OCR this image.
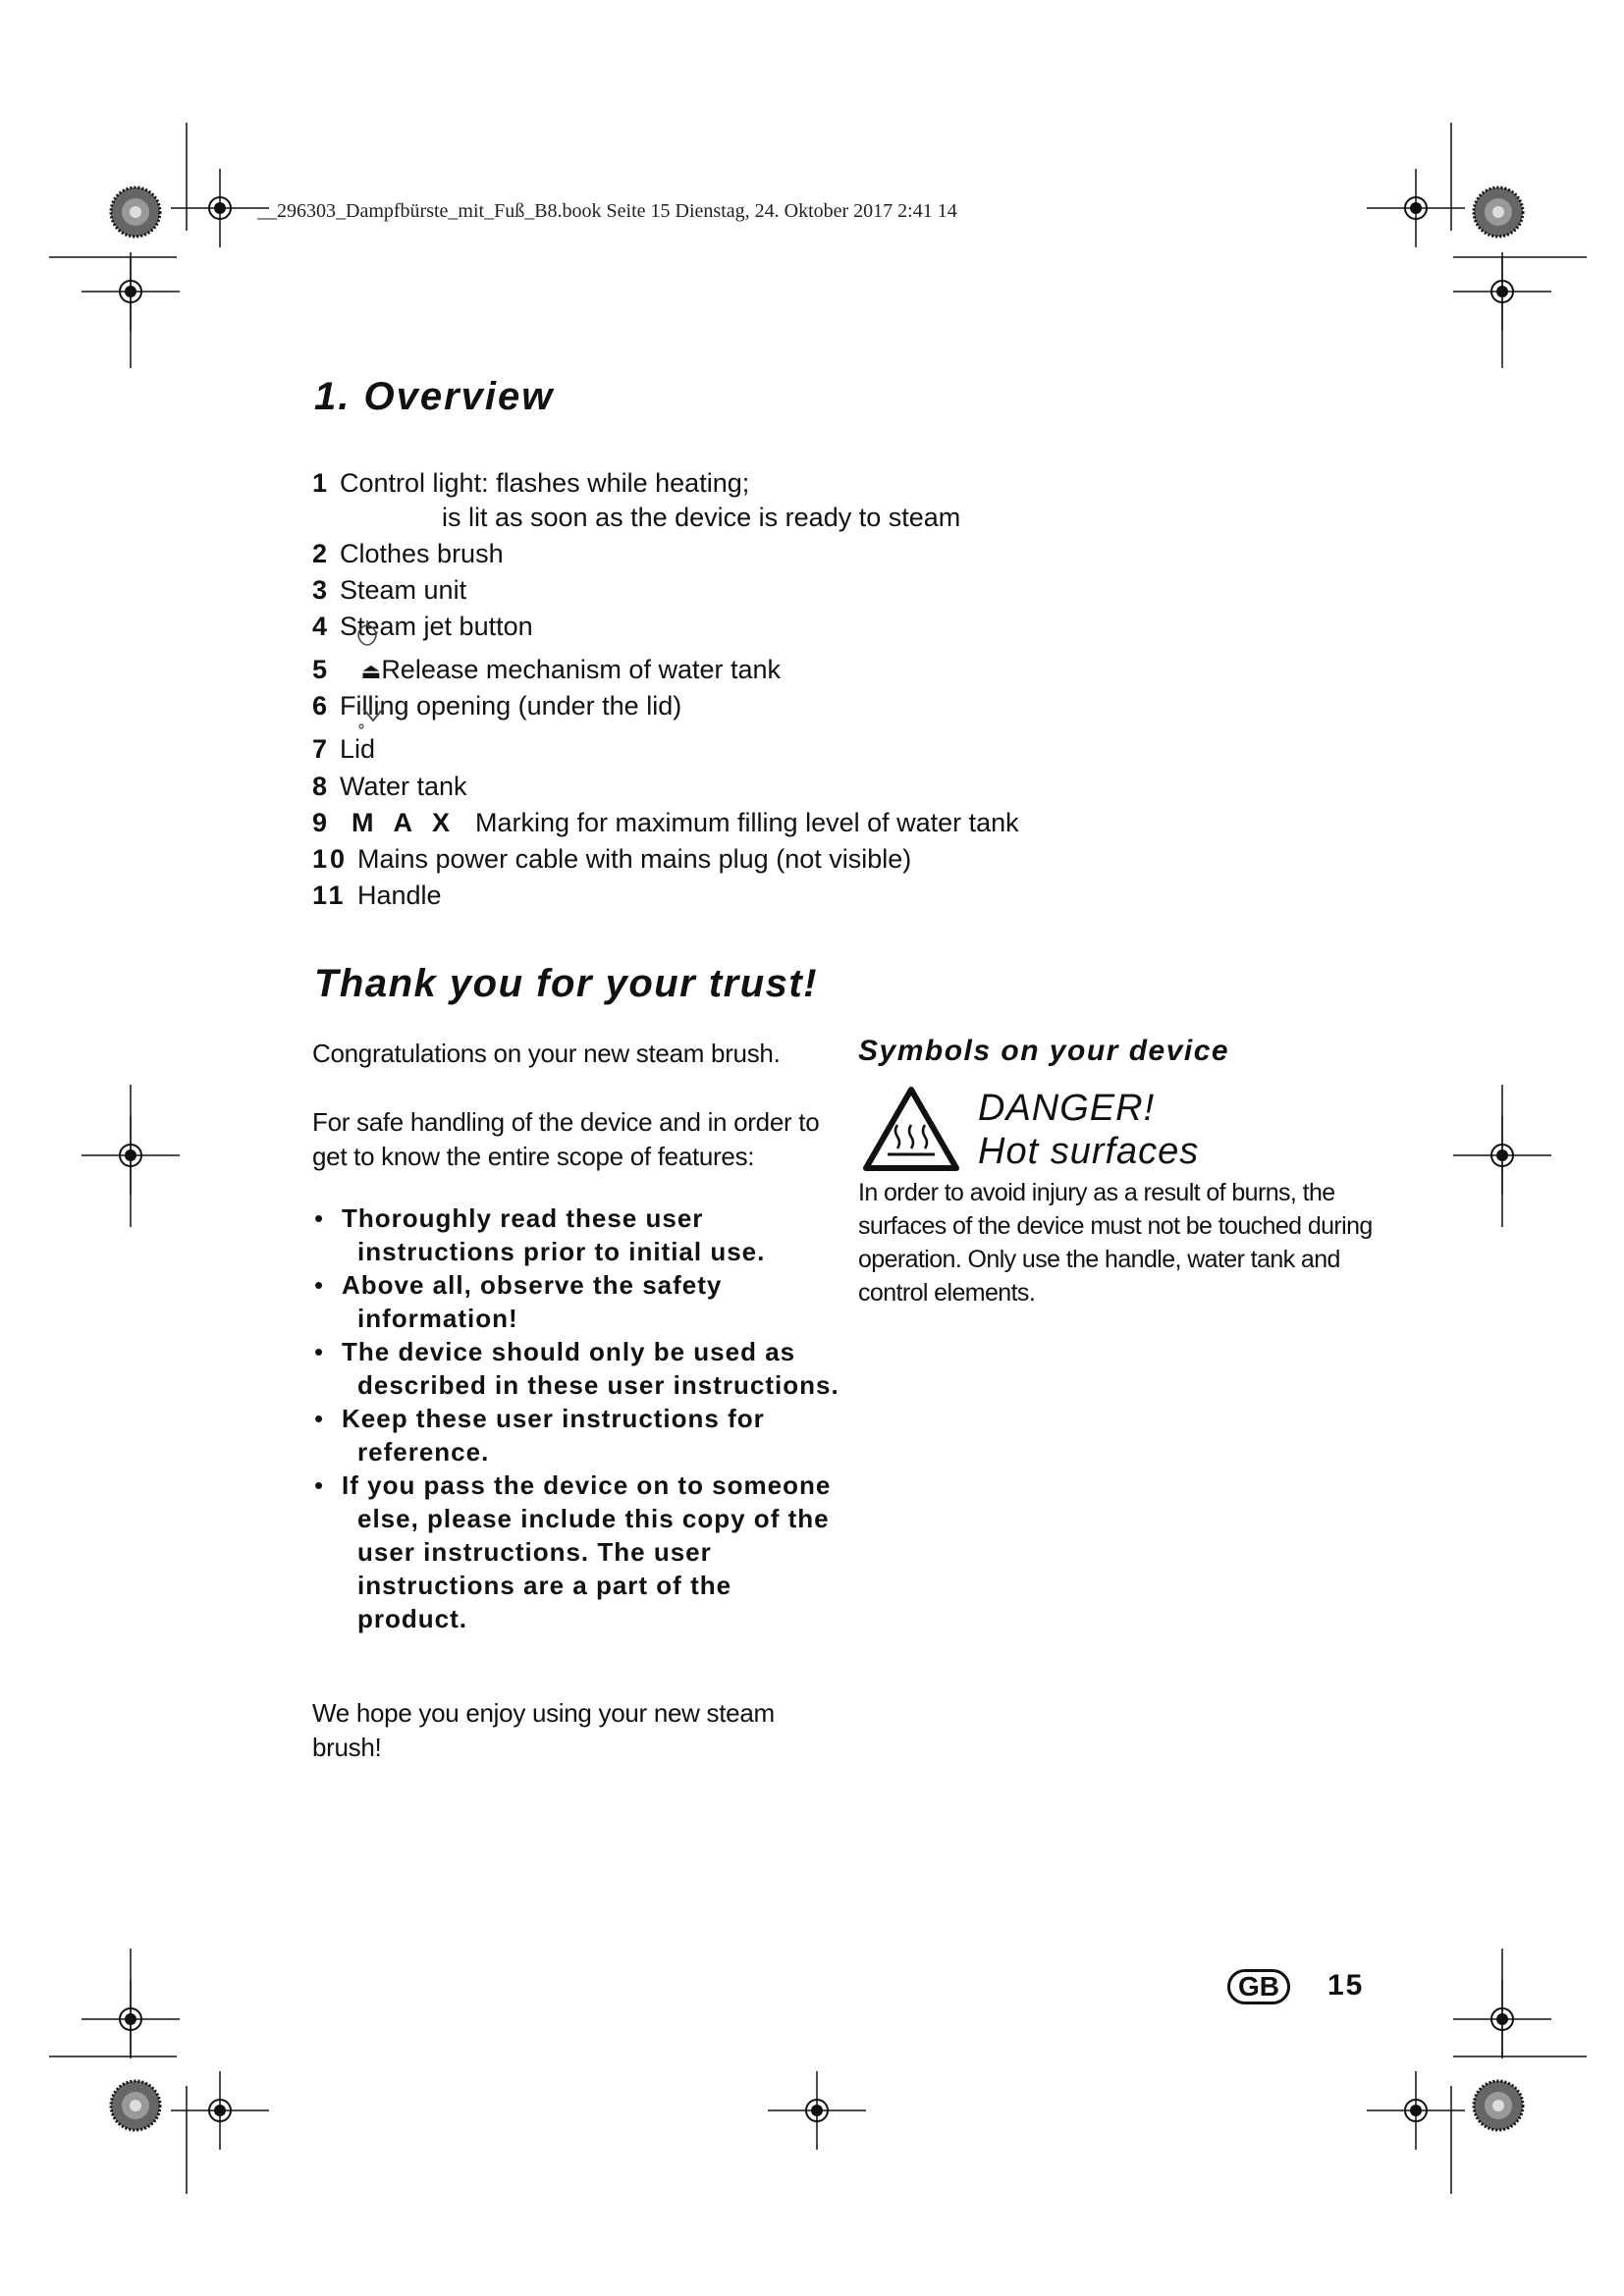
__296303_Dampfbürste_mit_Fuß_B8.book Seite 15 Dienstag, 24. Oktober 2017 2:41 14
1. Overview
1 Control light: flashes while heating;
is lit as soon as the device is ready to steam
2 Clothes brush
3 Steam unit
4 Steam jet button
5 ⏏Release mechanism of water tank
6 Filling opening (under the lid)
7 Lid
8 Water tank
9 MAX Marking for maximum filling level of water tank
10 Mains power cable with mains plug (not visible)
11 Handle
Thank you for your trust!
Congratulations on your new steam brush.
For safe handling of the device and in order to get to know the entire scope of features:
• Thoroughly read these user instructions prior to initial use.
• Above all, observe the safety information!
• The device should only be used as described in these user instructions.
• Keep these user instructions for reference.
• If you pass the device on to someone else, please include this copy of the user instructions. The user instructions are a part of the product.
We hope you enjoy using your new steam brush!
Symbols on your device
DANGER!
Hot surfaces
In order to avoid injury as a result of burns, the surfaces of the device must not be touched during operation. Only use the handle, water tank and control elements.
GB	15
